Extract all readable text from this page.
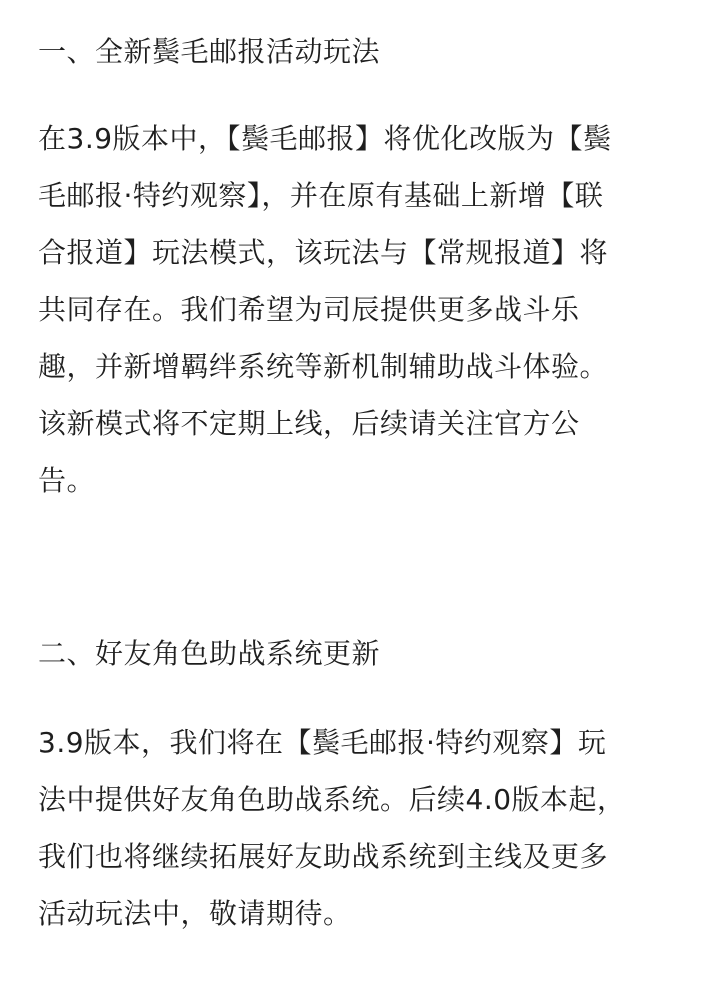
一、全新鬓毛邮报活动玩法
在3.9版本中，【鬓毛邮报】将优化改版为【鬓
毛邮报·特约观察】，并在原有基础上新增【联
合报道】玩法模式，该玩法与【常规报道】将
共同存在。我们希望为司辰提供更多战斗乐
趣，并新增羁绊系统等新机制辅助战斗体验。
该新模式将不定期上线，后续请关注官方公
告。
二、好友角色助战系统更新
3.9版本，我们将在【鬓毛邮报·特约观察】玩
法中提供好友角色助战系统。后续4.0版本起，
我们也将继续拓展好友助战系统到主线及更多
活动玩法中，敬请期待。
